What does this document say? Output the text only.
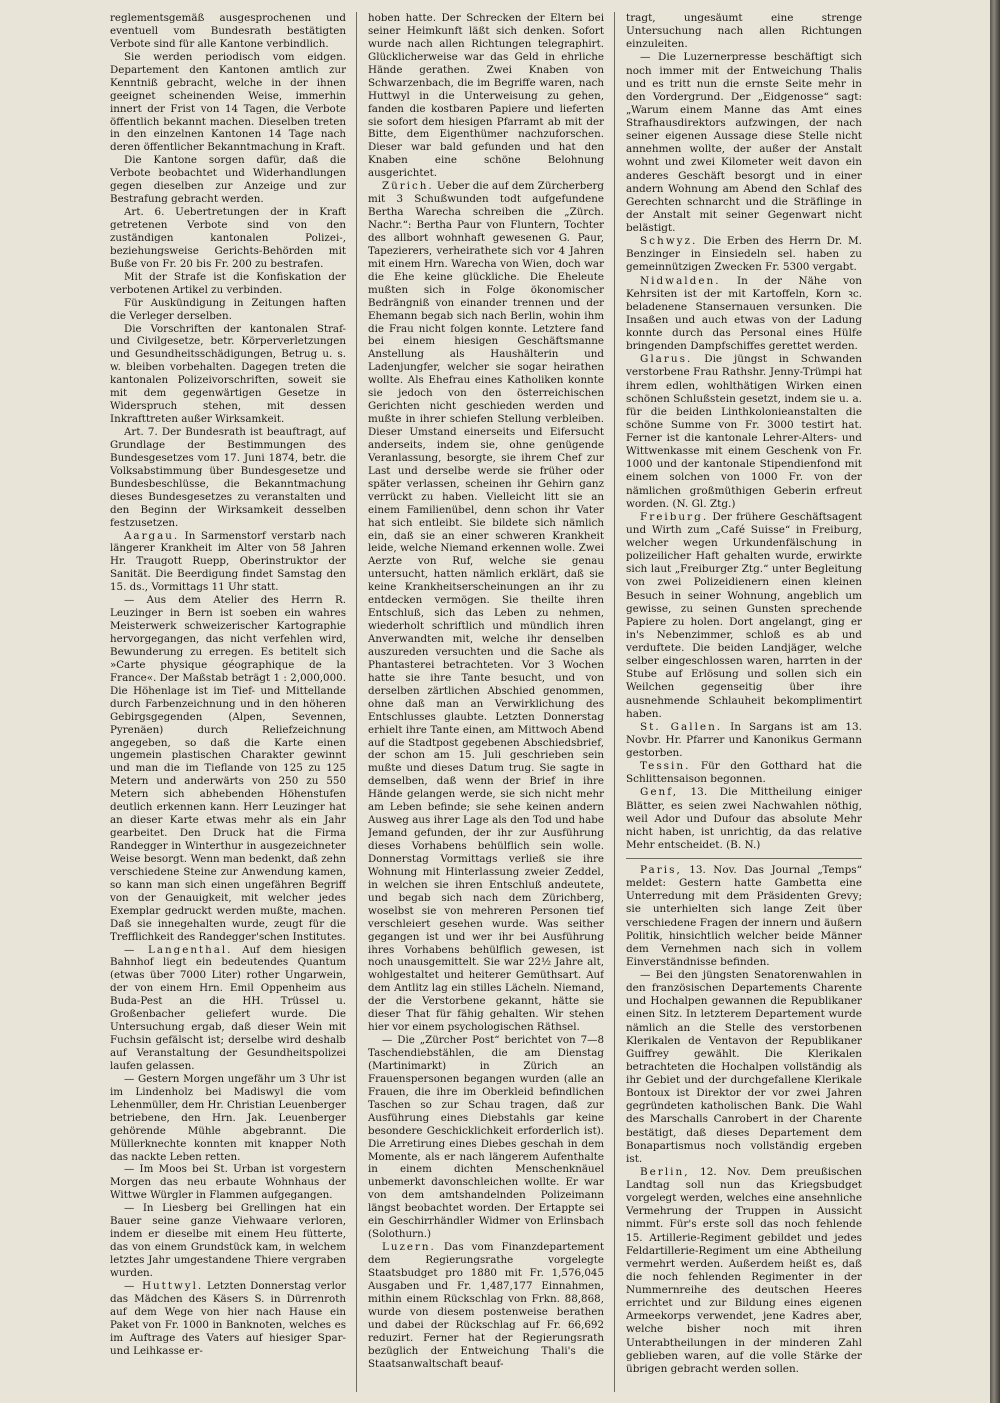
reglementsgemäß ausgesprochenen und eventuell vom Bundesrath bestätigten Verbote sind für alle Kantone verbindlich.

Sie werden periodisch vom eidgen. Departement den Kantonen amtlich zur Kenntniß gebracht, welche in der ihnen geeignet scheinenden Weise, immerhin innert der Frist von 14 Tagen, die Verbote öffentlich bekannt machen. Dieselben treten in den einzelnen Kantonen 14 Tage nach deren öffentlicher Bekanntmachung in Kraft.

Die Kantone sorgen dafür, daß die Verbote beobachtet und Widerhandlungen gegen dieselben zur Anzeige und zur Bestrafung gebracht werden.

Art. 6. Uebertretungen der in Kraft getretenen Verbote sind von den zuständigen kantonalen Polizei-, beziehungsweise Gerichts-Behörden mit Buße von Fr. 20 bis Fr. 200 zu bestrafen.

Mit der Strafe ist die Konfiskation der verbotenen Artikel zu verbinden.

Für Auskündigung in Zeitungen haften die Verleger derselben.

Die Vorschriften der kantonalen Straf- und Civilgesetze, betr. Körperverletzungen und Gesundheitsschädigungen, Betrug u. s. w. bleiben vorbehalten. Dagegen treten die kantonalen Polizeivorschriften, soweit sie mit dem gegenwärtigen Gesetze in Widerspruch stehen, mit dessen Inkrafttreten außer Wirksamkeit.

Art. 7. Der Bundesrath ist beauftragt, auf Grundlage der Bestimmungen des Bundesgesetzes vom 17. Juni 1874, betr. die Volksabstimmung über Bundesgesetze und Bundesbeschlüsse, die Bekanntmachung dieses Bundesgesetzes zu veranstalten und den Beginn der Wirksamkeit desselben festzusetzen.

Aargau. In Sarmenstorf verstarb nach längerer Krankheit im Alter von 58 Jahren Hr. Traugott Ruepp, Oberinstruktor der Sanität. Die Beerdigung findet Samstag den 15. ds., Vormittags 11 Uhr statt.

— Aus dem Atelier des Herrn R. Leuzinger in Bern ist soeben ein wahres Meisterwerk schweizerischer Kartographie hervorgegangen, das nicht verfehlen wird, Bewunderung zu erregen. Es betitelt sich »Carte physique géographique de la France«. Der Maßstab beträgt 1 : 2,000,000. Die Höhenlage ist im Tief- und Mittellande durch Farbenzeichnung und in den höheren Gebirgsgegenden (Alpen, Sevennen, Pyrenäen) durch Reliefzeichnung angegeben, so daß die Karte einen ungemein plastischen Charakter gewinnt und man die im Tieflande von 125 zu 125 Metern und anderwärts von 250 zu 550 Metern sich abhebenden Höhenstufen deutlich erkennen kann. Herr Leuzinger hat an dieser Karte etwas mehr als ein Jahr gearbeitet. Den Druck hat die Firma Randegger in Winterthur in ausgezeichneter Weise besorgt. Wenn man bedenkt, daß zehn verschiedene Steine zur Anwendung kamen, so kann man sich einen ungefähren Begriff von der Genauigkeit, mit welcher jedes Exemplar gedruckt werden mußte, machen. Daß sie innegehalten wurde, zeugt für die Trefflichkeit des Randegger'schen Institutes.

— Langenthal. Auf dem hiesigen Bahnhof liegt ein bedeutendes Quantum (etwas über 7000 Liter) rother Ungarwein, der von einem Hrn. Emil Oppenheim aus Buda-Pest an die HH. Trüssel u. Großenbacher geliefert wurde. Die Untersuchung ergab, daß dieser Wein mit Fuchsin gefälscht ist; derselbe wird deshalb auf Veranstaltung der Gesundheitspolizei laufen gelassen.

— Gestern Morgen ungefähr um 3 Uhr ist im Lindenholz bei Madiswyl die vom Lehenmüller, dem Hr. Christian Leuenberger betriebene, den Hrn. Jak. Leuenberger gehörende Mühle abgebrannt. Die Müllerknechte konnten mit knapper Noth das nackte Leben retten.

— Im Moos bei St. Urban ist vorgestern Morgen das neu erbaute Wohnhaus der Wittwe Würgler in Flammen aufgegangen.

— In Liesberg bei Grellingen hat ein Bauer seine ganze Viehwaare verloren, indem er dieselbe mit einem Heu fütterte, das von einem Grundstück kam, in welchem letztes Jahr umgestandene Thiere vergraben wurden.

— Huttwyl. Letzten Donnerstag verlor das Mädchen des Käsers S. in Dürrenroth auf dem Wege von hier nach Hause ein Paket von Fr. 1000 in Banknoten, welches es im Auftrage des Vaters auf hiesiger Spar- und Leihkasse er-

hoben hatte. Der Schrecken der Eltern bei seiner Heimkunft läßt sich denken. Sofort wurde nach allen Richtungen telegraphirt. Glücklicherweise war das Geld in ehrliche Hände gerathen. Zwei Knaben von Schwarzenbach, die im Begriffe waren, nach Huttwyl in die Unterweisung zu gehen, fanden die kostbaren Papiere und lieferten sie sofort dem hiesigen Pfarramt ab mit der Bitte, dem Eigenthümer nachzuforschen. Dieser war bald gefunden und hat den Knaben eine schöne Belohnung ausgerichtet.

Zürich. Ueber die auf dem Zürcherberg mit 3 Schußwunden todt aufgefundene Bertha Warecha schreiben die „Zürch. Nachr.“: Bertha Paur von Fluntern, Tochter des allbort wohnhaft gewesenen G. Paur, Tapezierers, verheirathete sich vor 4 Jahren mit einem Hrn. Warecha von Wien, doch war die Ehe keine glückliche. Die Eheleute mußten sich in Folge ökonomischer Bedrängniß von einander trennen und der Ehemann begab sich nach Berlin, wohin ihm die Frau nicht folgen konnte. Letztere fand bei einem hiesigen Geschäftsmanne Anstellung als Haushälterin und Ladenjungfer, welcher sie sogar heirathen wollte. Als Ehefrau eines Katholiken konnte sie jedoch von den österreichischen Gerichten nicht geschieden werden und mußte in ihrer schiefen Stellung verbleiben. Dieser Umstand einerseits und Eifersucht anderseits, indem sie, ohne genügende Veranlassung, besorgte, sie ihrem Chef zur Last und derselbe werde sie früher oder später verlassen, scheinen ihr Gehirn ganz verrückt zu haben. Vielleicht litt sie an einem Familienübel, denn schon ihr Vater hat sich entleibt. Sie bildete sich nämlich ein, daß sie an einer schweren Krankheit leide, welche Niemand erkennen wolle. Zwei Aerzte von Ruf, welche sie genau untersucht, hatten nämlich erklärt, daß sie keine Krankheitserscheinungen an ihr zu entdecken vermögen. Sie theilte ihren Entschluß, sich das Leben zu nehmen, wiederholt schriftlich und mündlich ihren Anverwandten mit, welche ihr denselben auszureden versuchten und die Sache als Phantasterei betrachteten. Vor 3 Wochen hatte sie ihre Tante besucht, und von derselben zärtlichen Abschied genommen, ohne daß man an Verwirklichung des Entschlusses glaubte. Letzten Donnerstag erhielt ihre Tante einen, am Mittwoch Abend auf die Stadtpost gegebenen Abschiedsbrief, der schon am 15. Juli geschrieben sein mußte und dieses Datum trug. Sie sagte in demselben, daß wenn der Brief in ihre Hände gelangen werde, sie sich nicht mehr am Leben befinde; sie sehe keinen andern Ausweg aus ihrer Lage als den Tod und habe Jemand gefunden, der ihr zur Ausführung dieses Vorhabens behülflich sein wolle. Donnerstag Vormittags verließ sie ihre Wohnung mit Hinterlassung zweier Zeddel, in welchen sie ihren Entschluß andeutete, und begab sich nach dem Zürichberg, woselbst sie von mehreren Personen tief verschleiert gesehen wurde. Was seither gegangen ist und wer ihr bei Ausführung ihres Vorhabens behülflich gewesen, ist noch unausgemittelt. Sie war 22½ Jahre alt, wohlgestaltet und heiterer Gemüthsart. Auf dem Antlitz lag ein stilles Lächeln. Niemand, der die Verstorbene gekannt, hätte sie dieser That für fähig gehalten. Wir stehen hier vor einem psychologischen Räthsel.

— Die „Zürcher Post“ berichtet von 7—8 Taschendiebstählen, die am Dienstag (Martinimarkt) in Zürich an Frauenspersonen begangen wurden (alle an Frauen, die ihre im Oberkleid befindlichen Taschen so zur Schau tragen, daß zur Ausführung eines Diebstahls gar keine besondere Geschicklichkeit erforderlich ist). Die Arretirung eines Diebes geschah in dem Momente, als er nach längerem Aufenthalte in einem dichten Menschenknäuel unbemerkt davonschleichen wollte. Er war von dem amtshandelnden Polizeimann längst beobachtet worden. Der Ertappte sei ein Geschirrhändler Widmer von Erlinsbach (Solothurn.)

Luzern. Das vom Finanzdepartement dem Regierungsrathe vorgelegte Staatsbudget pro 1880 mit Fr. 1,576,045 Ausgaben und Fr. 1,487,177 Einnahmen, mithin einem Rückschlag von Frkn. 88,868, wurde von diesem postenweise berathen und dabei der Rückschlag auf Fr. 66,692 reduzirt. Ferner hat der Regierungsrath bezüglich der Entweichung Thali's die Staatsanwaltschaft beauf-

tragt, ungesäumt eine strenge Untersuchung nach allen Richtungen einzuleiten.

— Die Luzernerpresse beschäftigt sich noch immer mit der Entweichung Thalis und es tritt nun die ernste Seite mehr in den Vordergrund. Der „Eidgenosse“ sagt: „Warum einem Manne das Amt eines Strafhausdirektors aufzwingen, der nach seiner eigenen Aussage diese Stelle nicht annehmen wollte, der außer der Anstalt wohnt und zwei Kilometer weit davon ein anderes Geschäft besorgt und in einer andern Wohnung am Abend den Schlaf des Gerechten schnarcht und die Sträflinge in der Anstalt mit seiner Gegenwart nicht belästigt.

Schwyz. Die Erben des Herrn Dr. M. Benzinger in Einsiedeln sel. haben zu gemeinnützigen Zwecken Fr. 5300 vergabt.

Nidwalden. In der Nähe von Kehrsiten ist der mit Kartoffeln, Korn ꝛc. beladenene Stansernauen versunken. Die Insaßen und auch etwas von der Ladung konnte durch das Personal eines Hülfe bringenden Dampfschiffes gerettet werden.

Glarus. Die jüngst in Schwanden verstorbene Frau Rathshr. Jenny-Trümpi hat ihrem edlen, wohlthätigen Wirken einen schönen Schlußstein gesetzt, indem sie u. a. für die beiden Linthkolonieanstalten die schöne Summe von Fr. 3000 testirt hat. Ferner ist die kantonale Lehrer-Alters- und Wittwenkasse mit einem Geschenk von Fr. 1000 und der kantonale Stipendienfond mit einem solchen von 1000 Fr. von der nämlichen großmüthigen Geberin erfreut worden. (N. Gl. Ztg.)

Freiburg. Der frühere Geschäftsagent und Wirth zum „Café Suisse“ in Freiburg, welcher wegen Urkundenfälschung in polizeilicher Haft gehalten wurde, erwirkte sich laut „Freiburger Ztg.“ unter Begleitung von zwei Polizeidienern einen kleinen Besuch in seiner Wohnung, angeblich um gewisse, zu seinen Gunsten sprechende Papiere zu holen. Dort angelangt, ging er in's Nebenzimmer, schloß es ab und verduftete. Die beiden Landjäger, welche selber eingeschlossen waren, harrten in der Stube auf Erlösung und sollen sich ein Weilchen gegenseitig über ihre ausnehmende Schlauheit bekomplimentirt haben.

St. Gallen. In Sargans ist am 13. Novbr. Hr. Pfarrer und Kanonikus Germann gestorben.

Tessin. Für den Gotthard hat die Schlittensaison begonnen.

Genf, 13. Die Mittheilung einiger Blätter, es seien zwei Nachwahlen nöthig, weil Ador und Dufour das absolute Mehr nicht haben, ist unrichtig, da das relative Mehr entscheidet. (B. N.)

Paris, 13. Nov. Das Journal „Temps“ meldet: Gestern hatte Gambetta eine Unterredung mit dem Präsidenten Grevy; sie unterhielten sich lange Zeit über verschiedene Fragen der innern und äußern Politik, hinsichtlich welcher beide Männer dem Vernehmen nach sich in vollem Einverständnisse befinden.

— Bei den jüngsten Senatorenwahlen in den französischen Departements Charente und Hochalpen gewannen die Republikaner einen Sitz. In letzterem Departement wurde nämlich an die Stelle des verstorbenen Klerikalen de Ventavon der Republikaner Guiffrey gewählt. Die Klerikalen betrachteten die Hochalpen vollständig als ihr Gebiet und der durchgefallene Klerikale Bontoux ist Direktor der vor zwei Jahren gegründeten katholischen Bank. Die Wahl des Marschalls Canrobert in der Charente bestätigt, daß dieses Departement dem Bonapartismus noch vollständig ergeben ist.

Berlin, 12. Nov. Dem preußischen Landtag soll nun das Kriegsbudget vorgelegt werden, welches eine ansehnliche Vermehrung der Truppen in Aussicht nimmt. Für's erste soll das noch fehlende 15. Artillerie-Regiment gebildet und jedes Feldartillerie-Regiment um eine Abtheilung vermehrt werden. Außerdem heißt es, daß die noch fehlenden Regimenter in der Nummernreihe des deutschen Heeres errichtet und zur Bildung eines eigenen Armeekorps verwendet, jene Kadres aber, welche bisher noch mit ihren Unterabtheilungen in der minderen Zahl geblieben waren, auf die volle Stärke der übrigen gebracht werden sollen.
